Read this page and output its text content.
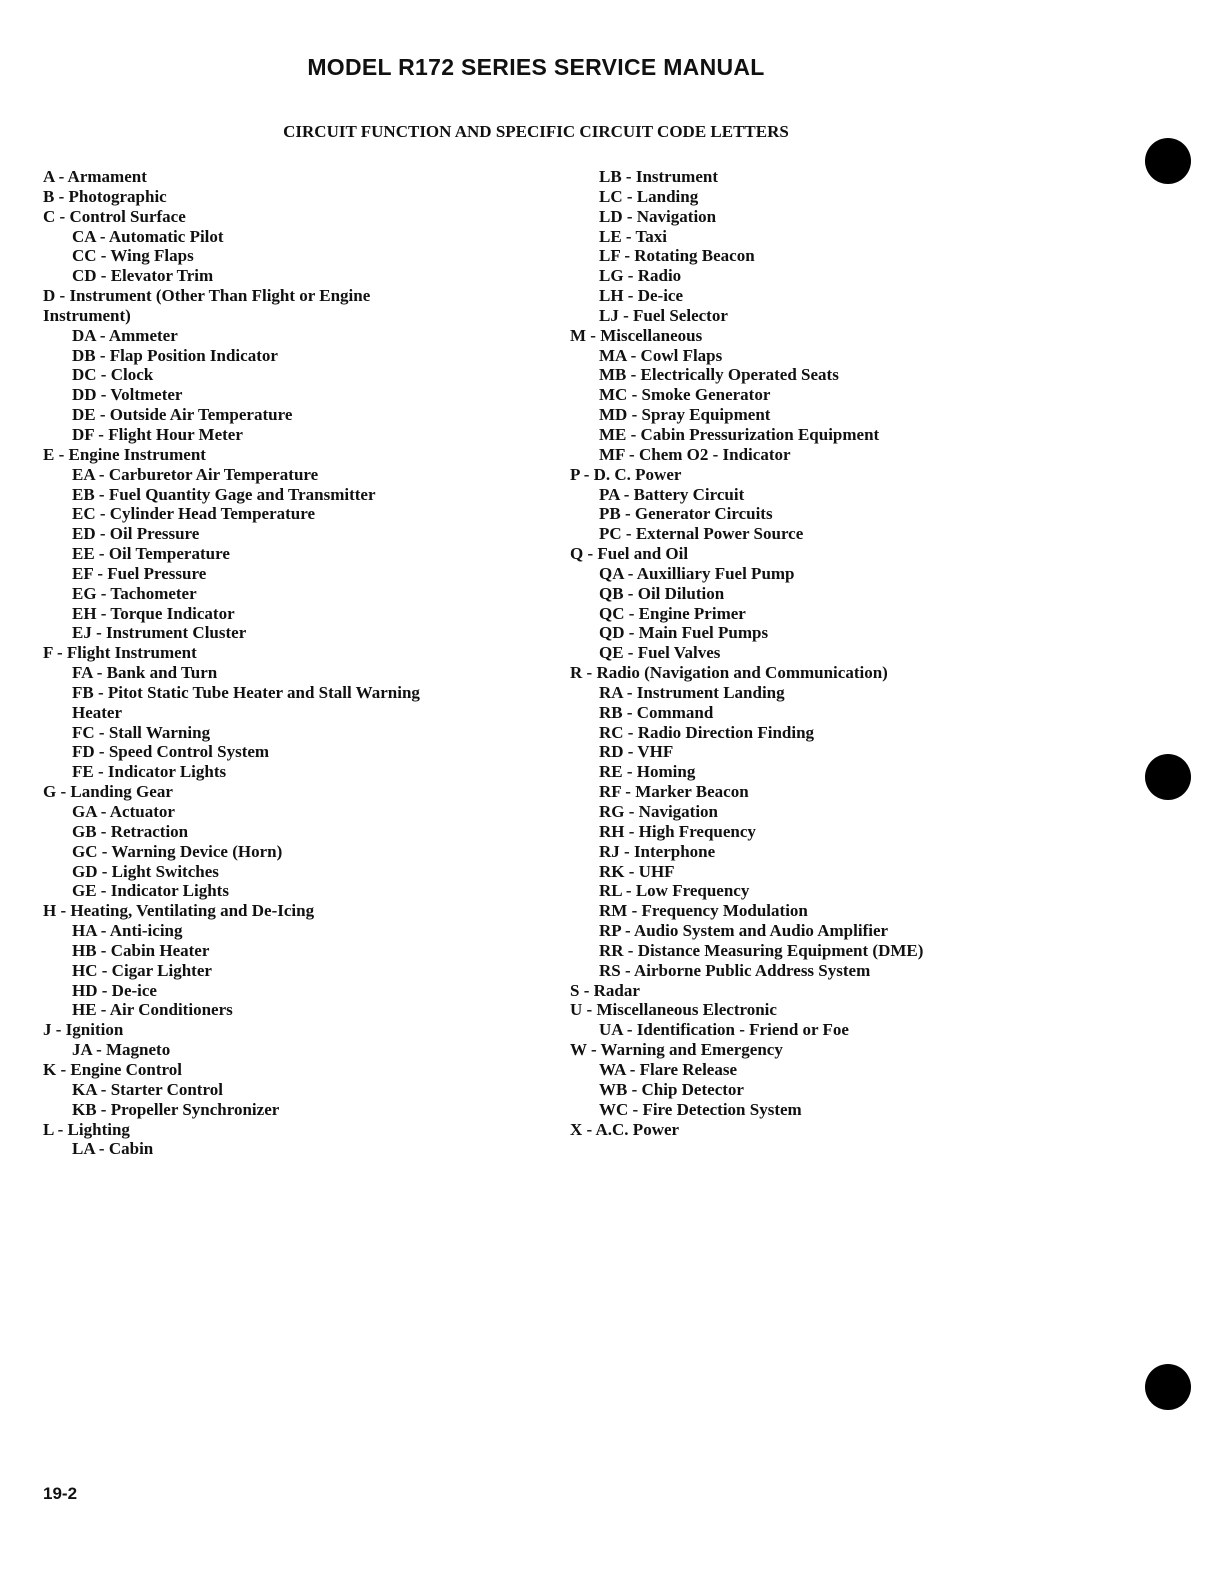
MODEL R172 SERIES SERVICE MANUAL
CIRCUIT FUNCTION AND SPECIFIC CIRCUIT CODE LETTERS
A - Armament
B - Photographic
C - Control Surface
CA - Automatic Pilot
CC - Wing Flaps
CD - Elevator Trim
D - Instrument (Other Than Flight or Engine
Instrument)
DA - Ammeter
DB - Flap Position Indicator
DC - Clock
DD - Voltmeter
DE - Outside Air Temperature
DF - Flight Hour Meter
E - Engine Instrument
EA - Carburetor Air Temperature
EB - Fuel Quantity Gage and Transmitter
EC - Cylinder Head Temperature
ED - Oil Pressure
EE - Oil Temperature
EF - Fuel Pressure
EG - Tachometer
EH - Torque Indicator
EJ - Instrument Cluster
F - Flight Instrument
FA - Bank and Turn
FB - Pitot Static Tube Heater and Stall Warning
Heater
FC - Stall Warning
FD - Speed Control System
FE - Indicator Lights
G - Landing Gear
GA - Actuator
GB - Retraction
GC - Warning Device (Horn)
GD - Light Switches
GE - Indicator Lights
H - Heating, Ventilating and De-Icing
HA - Anti-icing
HB - Cabin Heater
HC - Cigar Lighter
HD - De-ice
HE - Air Conditioners
J - Ignition
JA - Magneto
K - Engine Control
KA - Starter Control
KB - Propeller Synchronizer
L - Lighting
LA - Cabin
LB - Instrument
LC - Landing
LD - Navigation
LE - Taxi
LF - Rotating Beacon
LG - Radio
LH - De-ice
LJ - Fuel Selector
M - Miscellaneous
MA - Cowl Flaps
MB - Electrically Operated Seats
MC - Smoke Generator
MD - Spray Equipment
ME - Cabin Pressurization Equipment
MF - Chem O2 - Indicator
P - D. C. Power
PA - Battery Circuit
PB - Generator Circuits
PC - External Power Source
Q - Fuel and Oil
QA - Auxilliary Fuel Pump
QB - Oil Dilution
QC - Engine Primer
QD - Main Fuel Pumps
QE - Fuel Valves
R - Radio (Navigation and Communication)
RA - Instrument Landing
RB - Command
RC - Radio Direction Finding
RD - VHF
RE - Homing
RF - Marker Beacon
RG - Navigation
RH - High Frequency
RJ - Interphone
RK - UHF
RL - Low Frequency
RM - Frequency Modulation
RP - Audio System and Audio Amplifier
RR - Distance Measuring Equipment (DME)
RS - Airborne Public Address System
S - Radar
U - Miscellaneous Electronic
UA - Identification - Friend or Foe
W - Warning and Emergency
WA - Flare Release
WB - Chip Detector
WC - Fire Detection System
X - A.C. Power
19-2
